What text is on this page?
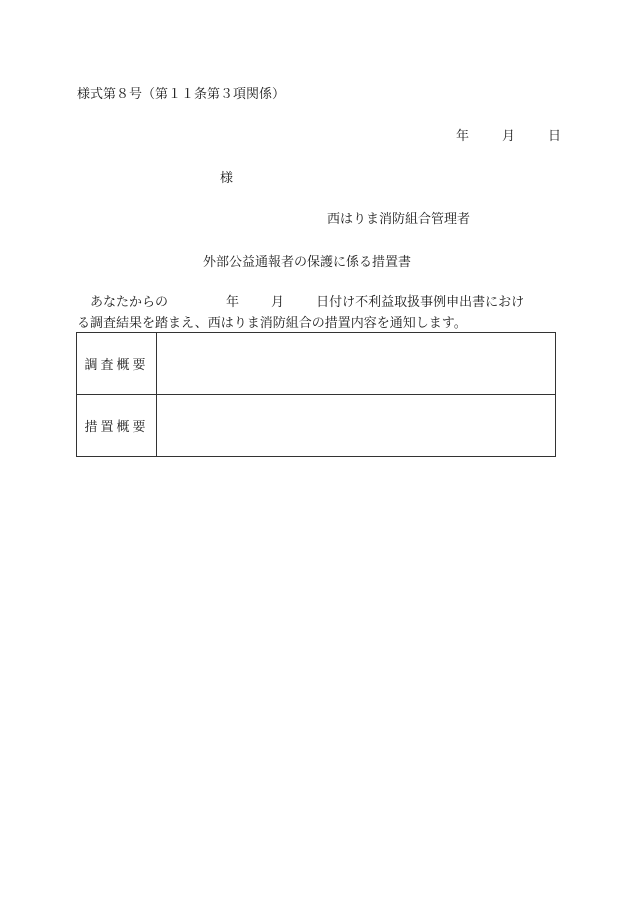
様式第８号（第１１条第３項関係）
年	月	日
様
西はりま消防組合管理者
外部公益通報者の保護に係る措置書
　あなたからの	年 月 日付け不利益取扱事例申出書におけ
る調査結果を踏まえ、西はりま消防組合の措置内容を通知します。
調査概要	
措置概要	
